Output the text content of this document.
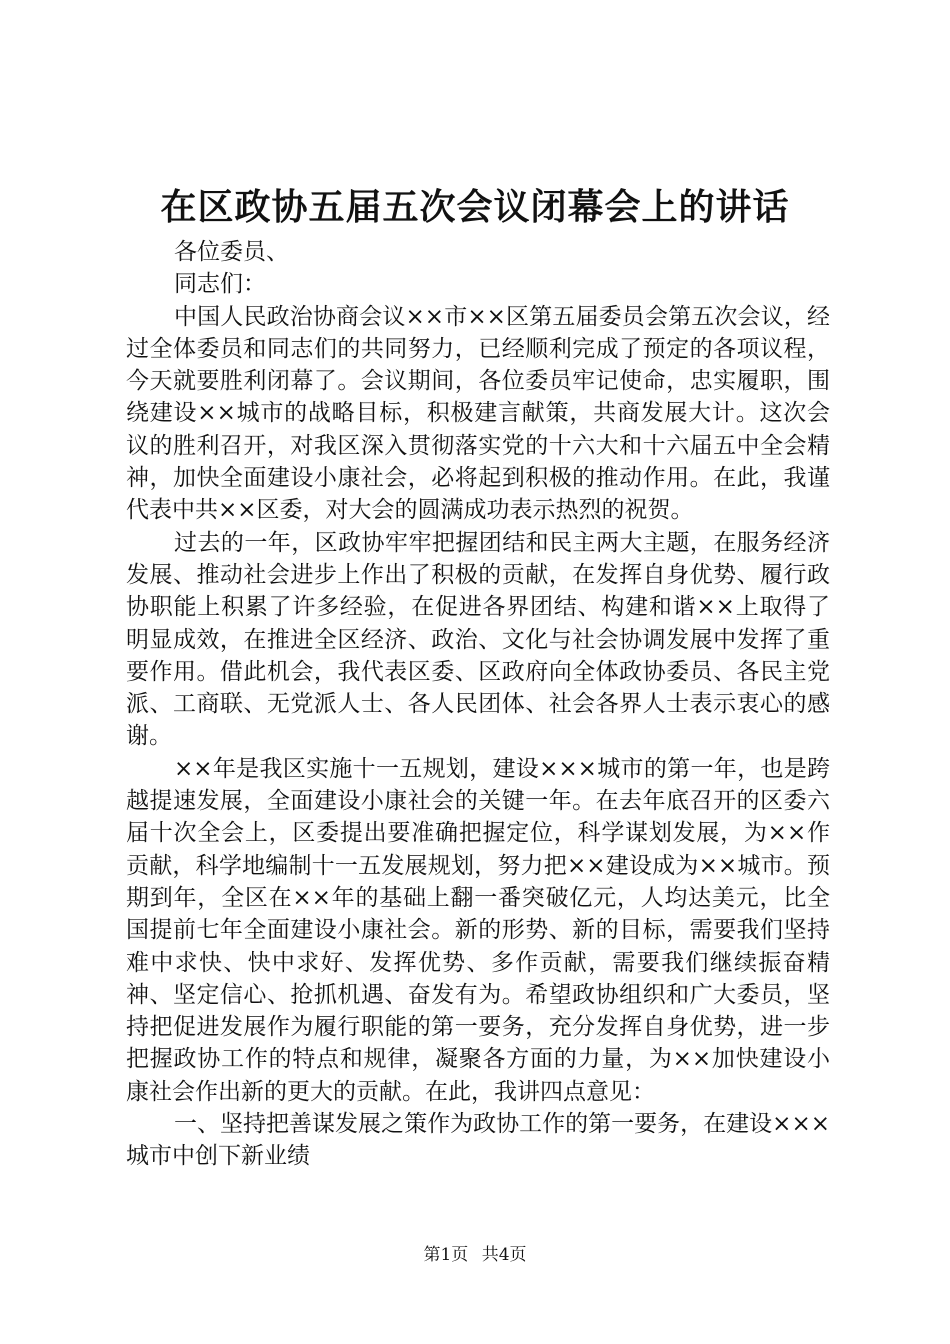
在区政协五届五次会议闭幕会上的讲话

各位委员、

同志们：

中国人民政治协商会议××市××区第五届委员会第五次会议，经过全体委员和同志们的共同努力，已经顺利完成了预定的各项议程，今天就要胜利闭幕了。会议期间，各位委员牢记使命，忠实履职，围绕建设××城市的战略目标，积极建言献策，共商发展大计。这次会议的胜利召开，对我区深入贯彻落实党的十六大和十六届五中全会精神，加快全面建设小康社会，必将起到积极的推动作用。在此，我谨代表中共××区委，对大会的圆满成功表示热烈的祝贺。

过去的一年，区政协牢牢把握团结和民主两大主题，在服务经济发展、推动社会进步上作出了积极的贡献，在发挥自身优势、履行政协职能上积累了许多经验，在促进各界团结、构建和谐××上取得了明显成效，在推进全区经济、政治、文化与社会协调发展中发挥了重要作用。借此机会，我代表区委、区政府向全体政协委员、各民主党派、工商联、无党派人士、各人民团体、社会各界人士表示衷心的感谢。

××年是我区实施十一五规划，建设×××城市的第一年，也是跨越提速发展，全面建设小康社会的关键一年。在去年底召开的区委六届十次全会上，区委提出要准确把握定位，科学谋划发展，为××作贡献，科学地编制十一五发展规划，努力把××建设成为××城市。预期到年，全区在××年的基础上翻一番突破亿元，人均达美元，比全国提前七年全面建设小康社会。新的形势、新的目标，需要我们坚持难中求快、快中求好、发挥优势、多作贡献，需要我们继续振奋精神、坚定信心、抢抓机遇、奋发有为。希望政协组织和广大委员，坚持把促进发展作为履行职能的第一要务，充分发挥自身优势，进一步把握政协工作的特点和规律，凝聚各方面的力量，为××加快建设小康社会作出新的更大的贡献。在此，我讲四点意见：

一、坚持把善谋发展之策作为政协工作的第一要务，在建设×××城市中创下新业绩

第1页 共4页
